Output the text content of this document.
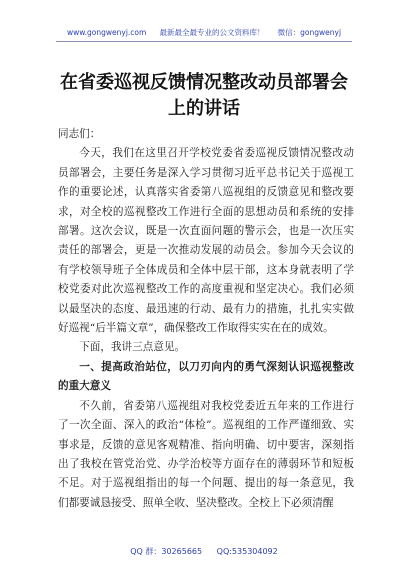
www.gongwenyj.com 最新最全最专业的公文资料库！ 微信：gongwenyj
在省委巡视反馈情况整改动员部署会上的讲话

同志们：

今天，我们在这里召开学校党委省委巡视反馈情况整改动员部署会，主要任务是深入学习贯彻习近平总书记关于巡视工作的重要论述，认真落实省委第八巡视组的反馈意见和整改要求，对全校的巡视整改工作进行全面的思想动员和系统的安排部署。这次会议，既是一次直面问题的警示会，也是一次压实责任的部署会，更是一次推动发展的动员会。参加今天会议的有学校领导班子全体成员和全体中层干部，这本身就表明了学校党委对此次巡视整改工作的高度重视和坚定决心。我们必须以最坚决的态度、最迅速的行动、最有力的措施，扎扎实实做好巡视“后半篇文章”，确保整改工作取得实实在在的成效。

下面，我讲三点意见。

一、提高政治站位，以刀刃向内的勇气深刻认识巡视整改的重大意义

不久前，省委第八巡视组对我校党委近五年来的工作进行了一次全面、深入的政治“体检”。巡视组的工作严谨细致、实事求是，反馈的意见客观精准、指向明确、切中要害，深刻指出了我校在管党治党、办学治校等方面存在的薄弱环节和短板不足。对于巡视组指出的每一个问题、提出的每一条意见，我们都要诚恳接受、照单全收、坚决整改。全校上下必须清醒

QQ 群：30265665 QQ:535304092
